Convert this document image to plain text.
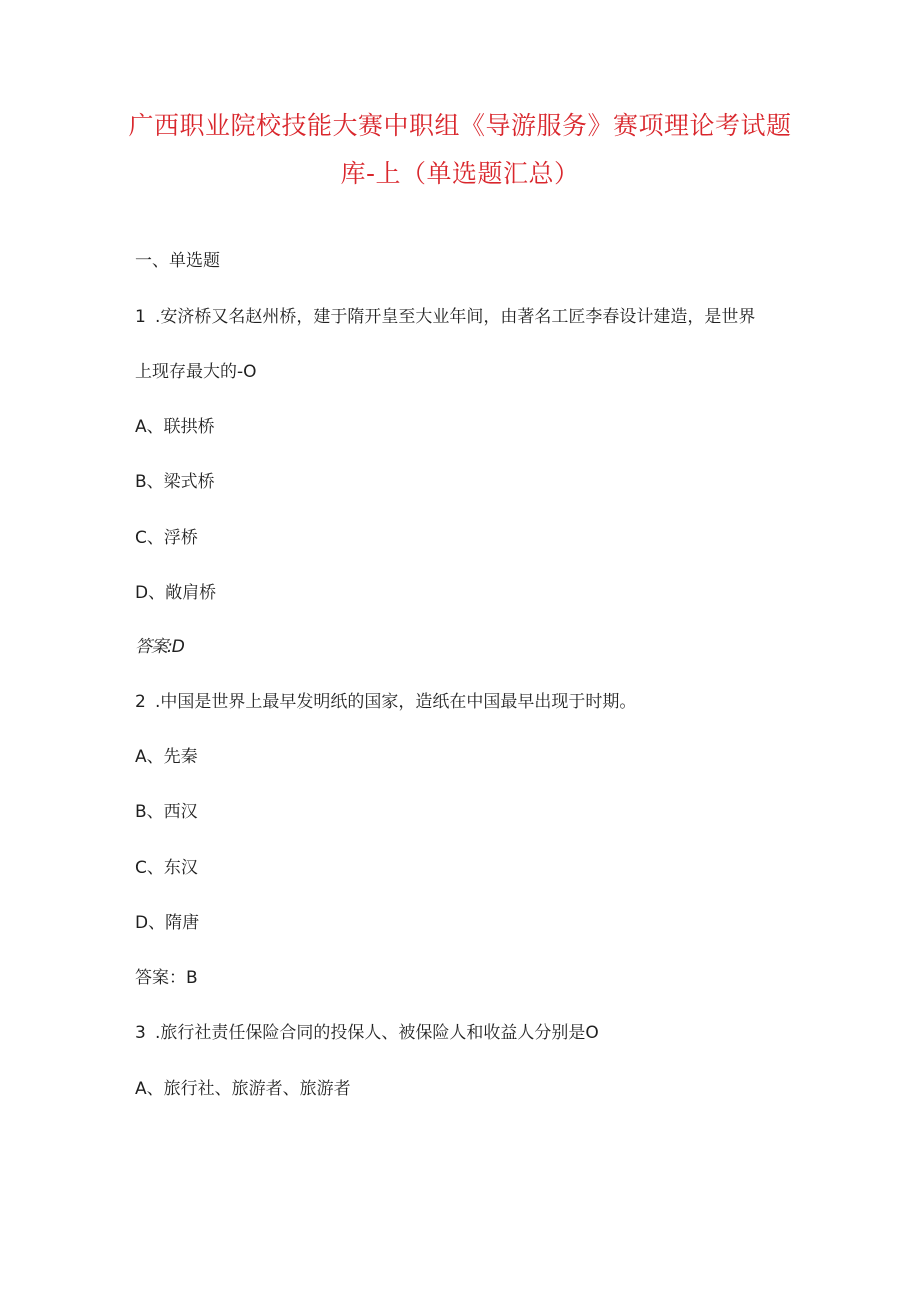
广西职业院校技能大赛中职组《导游服务》赛项理论考试题
库-上（单选题汇总）
一、单选题
1 .安济桥又名赵州桥，建于隋开皇至大业年间，由著名工匠李春设计建造，是世界
上现存最大的-O
A、联拱桥
B、梁式桥
C、浮桥
D、敞肩桥
答案:D
2 .中国是世界上最早发明纸的国家，造纸在中国最早出现于时期。
A、先秦
B、西汉
C、东汉
D、隋唐
答案：B
3 .旅行社责任保险合同的投保人、被保险人和收益人分别是O
A、旅行社、旅游者、旅游者
